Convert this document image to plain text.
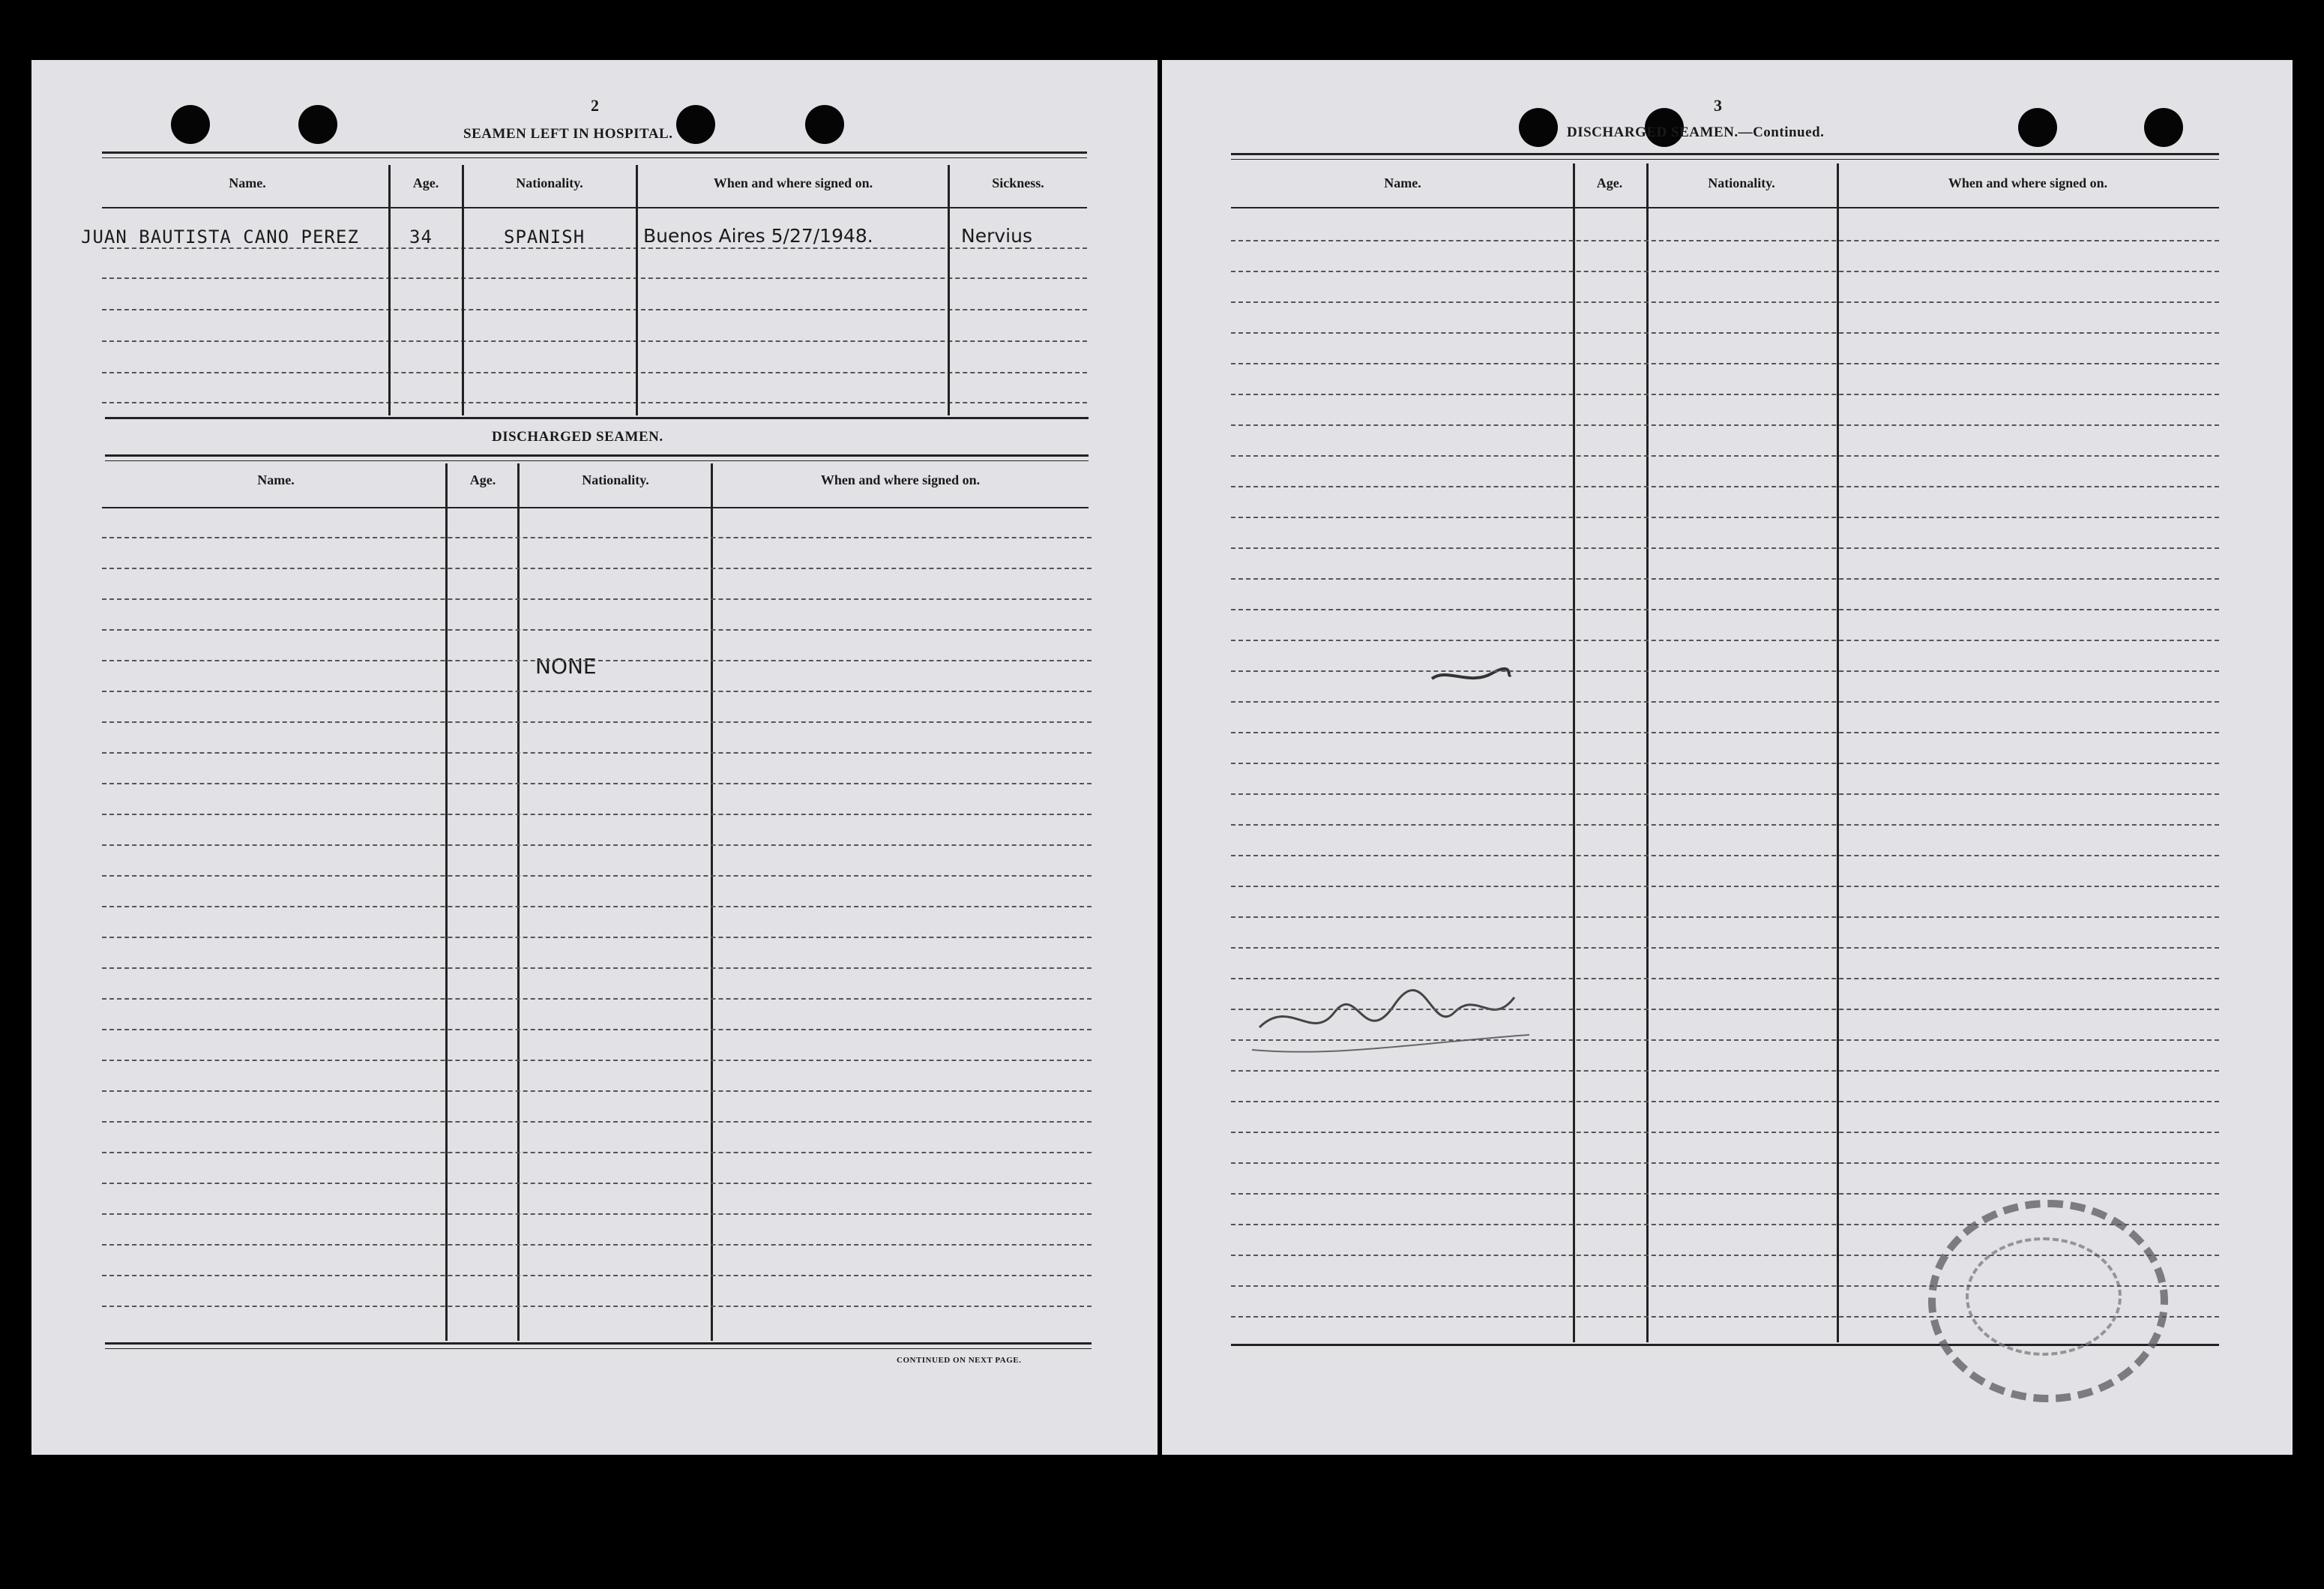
2
SEAMEN LEFT IN HOSPITAL.
Name.	Age.	Nationality.	When and where signed on.	Sickness.
JUAN BAUTISTA CANO PEREZ	34	SPANISH	Buenos Aires 5/27/1948.	Nervius
DISCHARGED SEAMEN.
Name.	Age.	Nationality.	When and where signed on.
NONE
CONTINUED ON NEXT PAGE.
3
DISCHARGED SEAMEN.—Continued.
Name.	Age.	Nationality.	When and where signed on.
